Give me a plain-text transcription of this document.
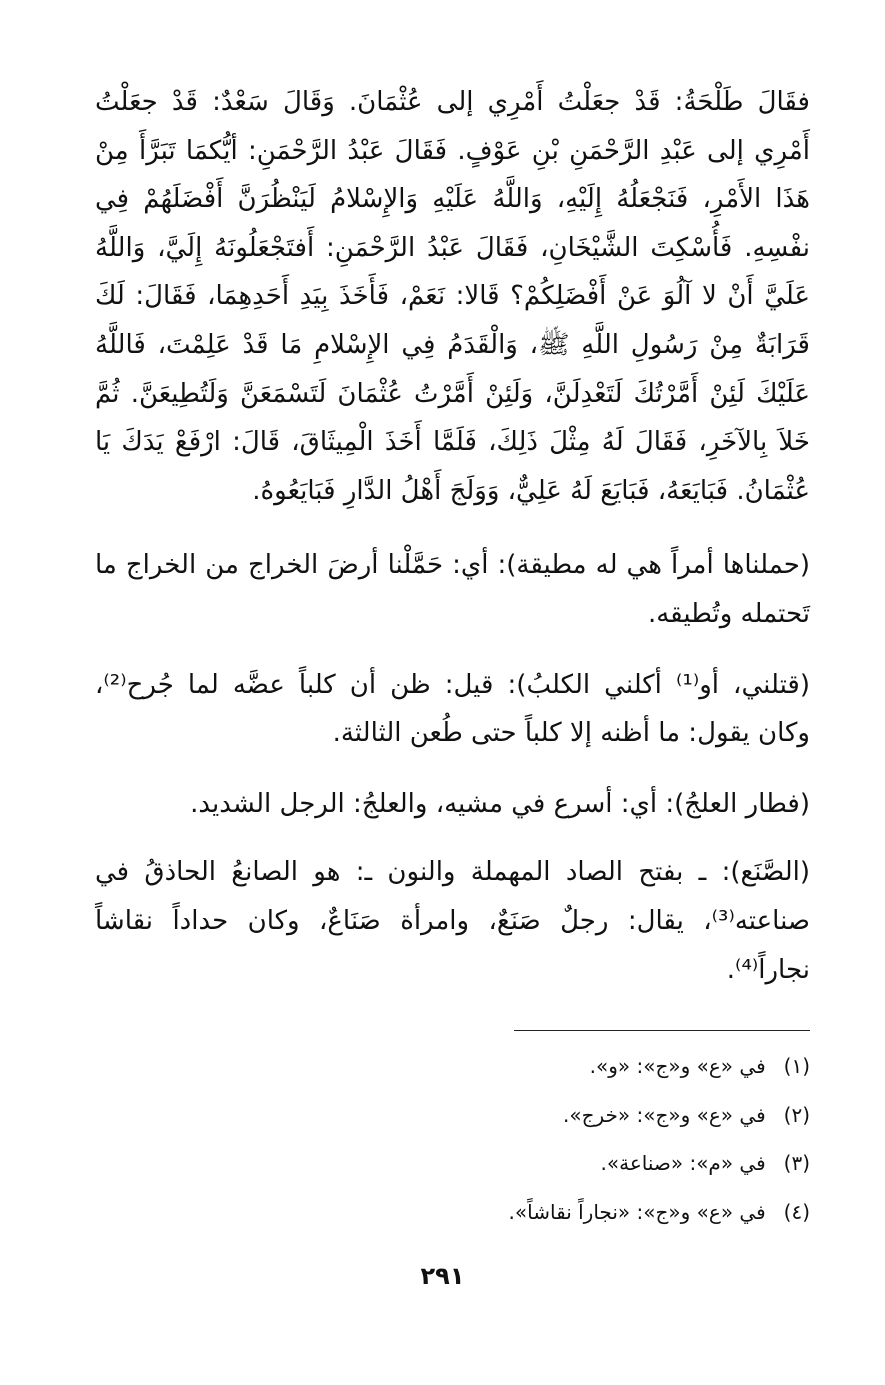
فقَالَ طَلْحَةُ: قَدْ جعَلْتُ أَمْرِي إلى عُثْمَانَ. وَقَالَ سَعْدٌ: قَدْ جعَلْتُ أَمْرِي إلى عَبْدِ الرَّحْمَنِ بْنِ عَوْفٍ. فَقَالَ عَبْدُ الرَّحْمَنِ: أيُّكمَا تَبَرَّأَ مِنْ هَذَا الأَمْرِ، فَنَجْعَلُهُ إِلَيْهِ، وَاللَّهُ عَلَيْهِ وَالإِسْلامُ لَيَنْظُرَنَّ أَفْضَلَهُمْ فِي نفْسِهِ. فَأُسْكِتَ الشَّيْخَانِ، فَقَالَ عَبْدُ الرَّحْمَنِ: أَفتَجْعَلُونَهُ إِلَيَّ، وَاللَّهُ عَلَيَّ أَنْ لا آلُوَ عَنْ أَفْضَلِكُمْ؟ قَالا: نَعَمْ، فَأَخَذَ بِيَدِ أَحَدِهِمَا، فَقَالَ: لَكَ قَرَابَةٌ مِنْ رَسُولِ اللَّهِ ﷺ، وَالْقَدَمُ فِي الإِسْلامِ مَا قَدْ عَلِمْتَ، فَاللَّهُ عَلَيْكَ لَئِنْ أَمَّرْتُكَ لَتَعْدِلَنَّ، وَلَئِنْ أَمَّرْتُ عُثْمَانَ لَتَسْمَعَنَّ وَلَتُطِيعَنَّ. ثُمَّ خَلاَ بِالآخَرِ، فَقَالَ لَهُ مِثْلَ ذَلِكَ، فَلَمَّا أَخَذَ الْمِيثَاقَ، قَالَ: ارْفَعْ يَدَكَ يَا عُثْمَانُ. فَبَايَعَهُ، فَبَايَعَ لَهُ عَلِيٌّ، وَوَلَجَ أَهْلُ الدَّارِ فَبَايَعُوهُ.

(حملناها أمراً هي له مطيقة): أي: حَمَّلْنا أرضَ الخراج من الخراج ما تَحتمله وتُطيقه.

(قتلني، أو⁽¹⁾ أكلني الكلبُ): قيل: ظن أن كلباً عضَّه لما جُرح⁽²⁾، وكان يقول: ما أظنه إلا كلباً حتى طُعن الثالثة.

(فطار العلجُ): أي: أسرع في مشيه، والعلجُ: الرجل الشديد.

(الصَّنَع): ـ بفتح الصاد المهملة والنون ـ: هو الصانعُ الحاذقُ في صناعته⁽³⁾، يقال: رجلٌ صَنَعٌ، وامرأة صَنَاعٌ، وكان حداداً نقاشاً نجاراً⁽⁴⁾.

(١) في «ع» و«ج»: «و».

(٢) في «ع» و«ج»: «خرج».

(٣) في «م»: «صناعة».

(٤) في «ع» و«ج»: «نجاراً نقاشاً».

٢٩١
